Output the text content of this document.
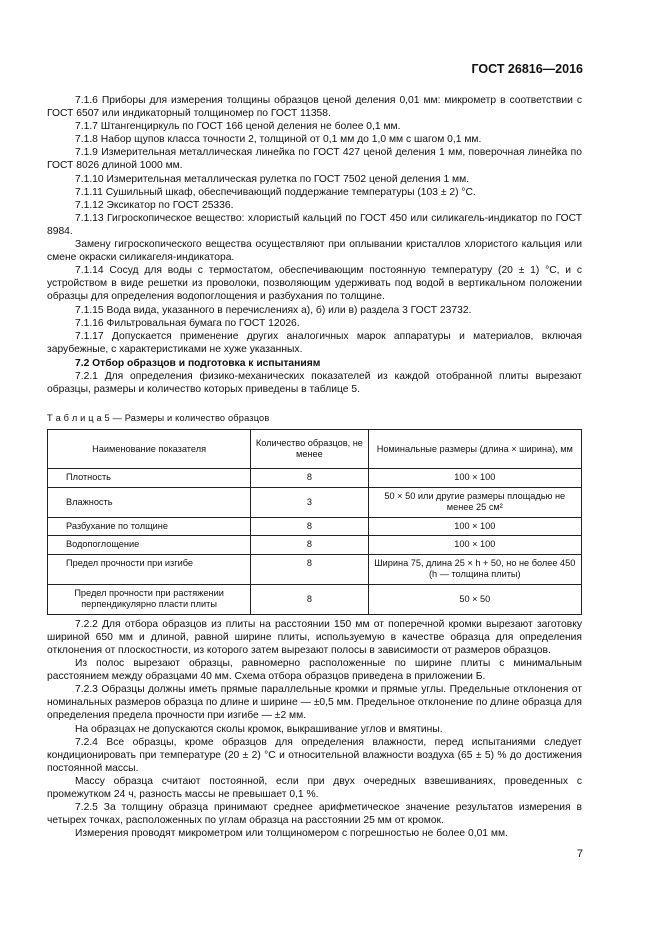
ГОСТ 26816—2016

7.1.6 Приборы для измерения толщины образцов ценой деления 0,01 мм: микрометр в соответствии с ГОСТ 6507 или индикаторный толщиномер по ГОСТ 11358.

7.1.7 Штангенциркуль по ГОСТ 166 ценой деления не более 0,1 мм.

7.1.8 Набор щупов класса точности 2, толщиной от 0,1 мм до 1,0 мм с шагом 0,1 мм.

7.1.9 Измерительная металлическая линейка по ГОСТ 427 ценой деления 1 мм, поверочная линейка по ГОСТ 8026 длиной 1000 мм.

7.1.10 Измерительная металлическая рулетка по ГОСТ 7502 ценой деления 1 мм.

7.1.11 Сушильный шкаф, обеспечивающий поддержание температуры (103 ± 2) °С.

7.1.12 Эксикатор по ГОСТ 25336.

7.1.13 Гигроскопическое вещество: хлористый кальций по ГОСТ 450 или силикагель-индикатор по ГОСТ 8984.

Замену гигроскопического вещества осуществляют при оплывании кристаллов хлористого кальция или смене окраски силикагеля-индикатора.

7.1.14 Сосуд для воды с термостатом, обеспечивающим постоянную температуру (20 ± 1) °С, и с устройством в виде решетки из проволоки, позволяющим удерживать под водой в вертикальном положении образцы для определения водопоглощения и разбухания по толщине.

7.1.15 Вода вида, указанного в перечислениях а), б) или в) раздела 3 ГОСТ 23732.

7.1.16 Фильтровальная бумага по ГОСТ 12026.

7.1.17 Допускается применение других аналогичных марок аппаратуры и материалов, включая зарубежные, с характеристиками не хуже указанных.

7.2 Отбор образцов и подготовка к испытаниям

7.2.1 Для определения физико-механических показателей из каждой отобранной плиты вырезают образцы, размеры и количество которых приведены в таблице 5.

Т а б л и ц а 5 — Размеры и количество образцов

Наименование показателя	Количество образцов, не менее	Номинальные размеры (длина × ширина), мм
Плотность	8	100 × 100
Влажность	3	50 × 50 или другие размеры площадью не менее 25 см²
Разбухание по толщине	8	100 × 100
Водопоглощение	8	100 × 100
Предел прочности при изгибе	8	Ширина 75, длина 25 × h + 50, но не более 450 (h — толщина плиты)
Предел прочности при растяжении перпендикулярно пласти плиты	8	50 × 50

7.2.2 Для отбора образцов из плиты на расстоянии 150 мм от поперечной кромки вырезают заготовку шириной 650 мм и длиной, равной ширине плиты, используемую в качестве образца для определения отклонения от плоскостности, из которого затем вырезают полосы в зависимости от размеров образцов.

Из полос вырезают образцы, равномерно расположенные по ширине плиты с минимальным расстоянием между образцами 40 мм. Схема отбора образцов приведена в приложении Б.

7.2.3 Образцы должны иметь прямые параллельные кромки и прямые углы. Предельные отклонения от номинальных размеров образца по длине и ширине — ±0,5 мм. Предельное отклонение по длине образца для определения предела прочности при изгибе — ±2 мм.

На образцах не допускаются сколы кромок, выкрашивание углов и вмятины.

7.2.4 Все образцы, кроме образцов для определения влажности, перед испытаниями следует кондиционировать при температуре (20 ± 2) °С и относительной влажности воздуха (65 ± 5) % до достижения постоянной массы.

Массу образца считают постоянной, если при двух очередных взвешиваниях, проведенных с промежутком 24 ч, разность массы не превышает 0,1 %.

7.2.5 За толщину образца принимают среднее арифметическое значение результатов измерения в четырех точках, расположенных по углам образца на расстоянии 25 мм от кромок.

Измерения проводят микрометром или толщиномером с погрешностью не более 0,01 мм.

7
